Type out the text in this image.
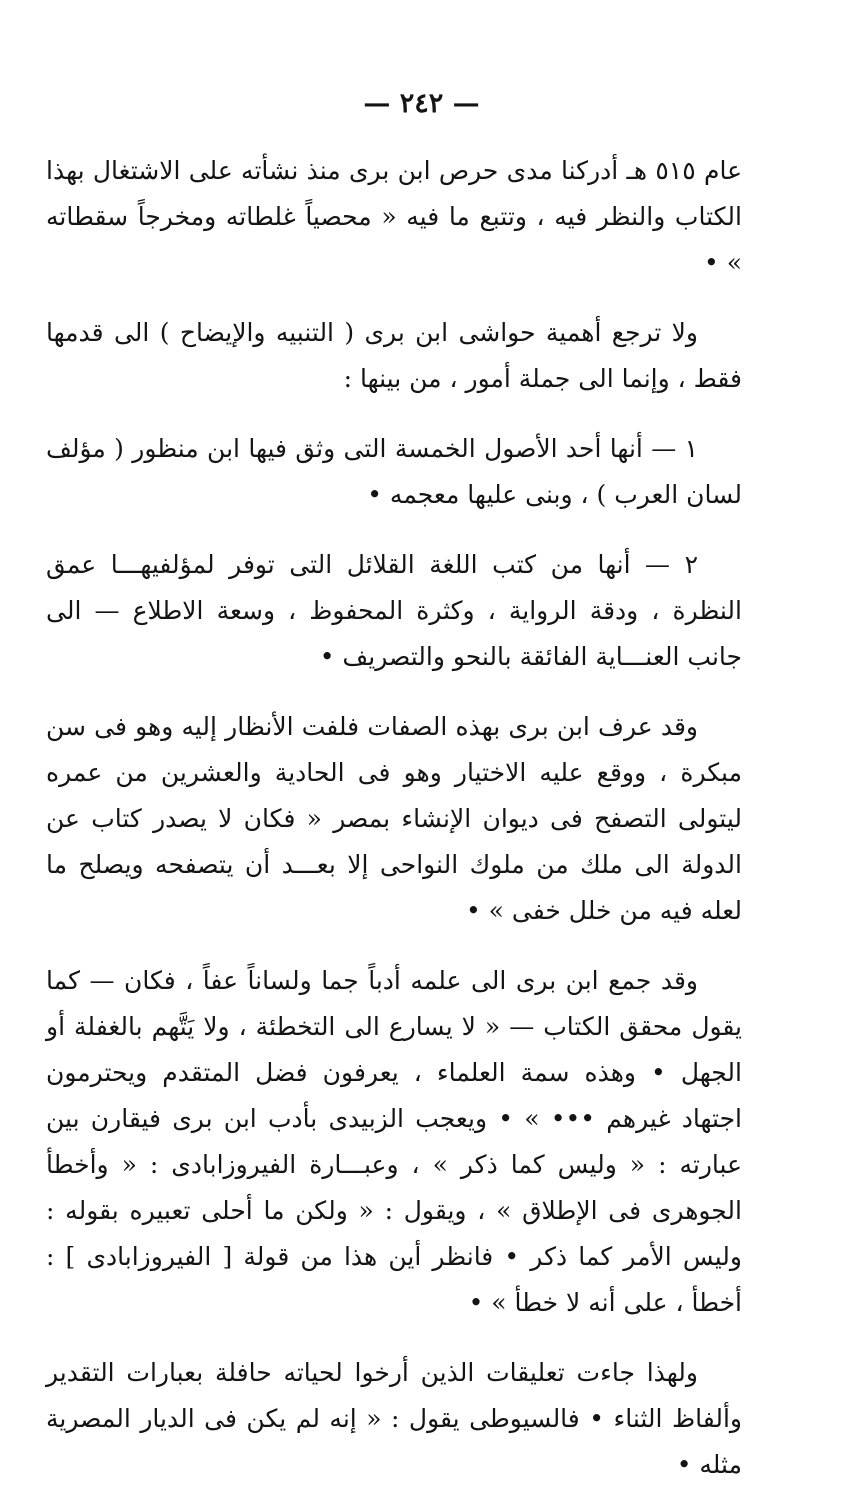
— ٢٤٢ —

عام ٥١٥ هـ أدركنا مدى حرص ابن برى منذ نشأته على الاشتغال بهذا الكتاب والنظر فيه ، وتتبع ما فيه « محصياً غلطاته ومخرجاً سقطاته » •

ولا ترجع أهمية حواشى ابن برى ( التنبيه والإيضاح ) الى قدمها فقط ، وإنما الى جملة أمور ، من بينها :

١ — أنها أحد الأصول الخمسة التى وثق فيها ابن منظور ( مؤلف لسان العرب ) ، وبنى عليها معجمه •

٢ — أنها من كتب اللغة القلائل التى توفر لمؤلفيهـــا عمق النظرة ، ودقة الرواية ، وكثرة المحفوظ ، وسعة الاطلاع — الى جانب العنـــاية الفائقة بالنحو والتصريف •

وقد عرف ابن برى بهذه الصفات فلفت الأنظار إليه وهو فى سن مبكرة ، ووقع عليه الاختيار وهو فى الحادية والعشرين من عمره ليتولى التصفح فى ديوان الإنشاء بمصر « فكان لا يصدر كتاب عن الدولة الى ملك من ملوك النواحى إلا بعـــد أن يتصفحه ويصلح ما لعله فيه من خلل خفى » •

وقد جمع ابن برى الى علمه أدباً جما ولساناً عفاً ، فكان — كما يقول محقق الكتاب — « لا يسارع الى التخطئة ، ولا يَتَّهم بالغفلة أو الجهل • وهذه سمة العلماء ، يعرفون فضل المتقدم ويحترمون اجتهاد غيرهم ••• » • ويعجب الزبيدى بأدب ابن برى فيقارن بين عبارته : « وليس كما ذكر » ، وعبـــارة الفيروزابادى : « وأخطأ الجوهرى فى الإطلاق » ، ويقول : « ولكن ما أحلى تعبيره بقوله : وليس الأمر كما ذكر • فانظر أين هذا من قولة [ الفيروزابادى ] : أخطأ ، على أنه لا خطأ » •

ولهذا جاءت تعليقات الذين أرخوا لحياته حافلة بعبارات التقدير وألفاظ الثناء • فالسيوطى يقول : « إنه لم يكن فى الديار المصرية مثله •
